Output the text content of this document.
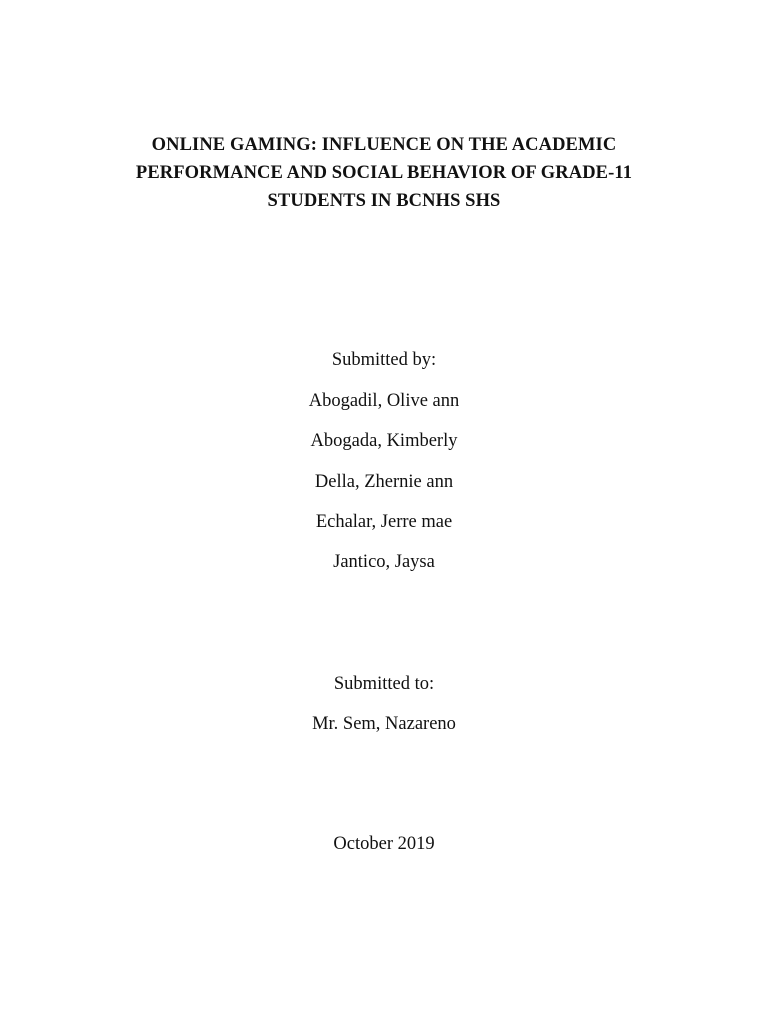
ONLINE GAMING: INFLUENCE ON THE ACADEMIC
PERFORMANCE AND SOCIAL BEHAVIOR OF GRADE-11
STUDENTS IN BCNHS SHS
Submitted by:
Abogadil, Olive ann
Abogada, Kimberly
Della, Zhernie ann
Echalar, Jerre mae
Jantico, Jaysa
Submitted to:
Mr. Sem, Nazareno
October 2019
